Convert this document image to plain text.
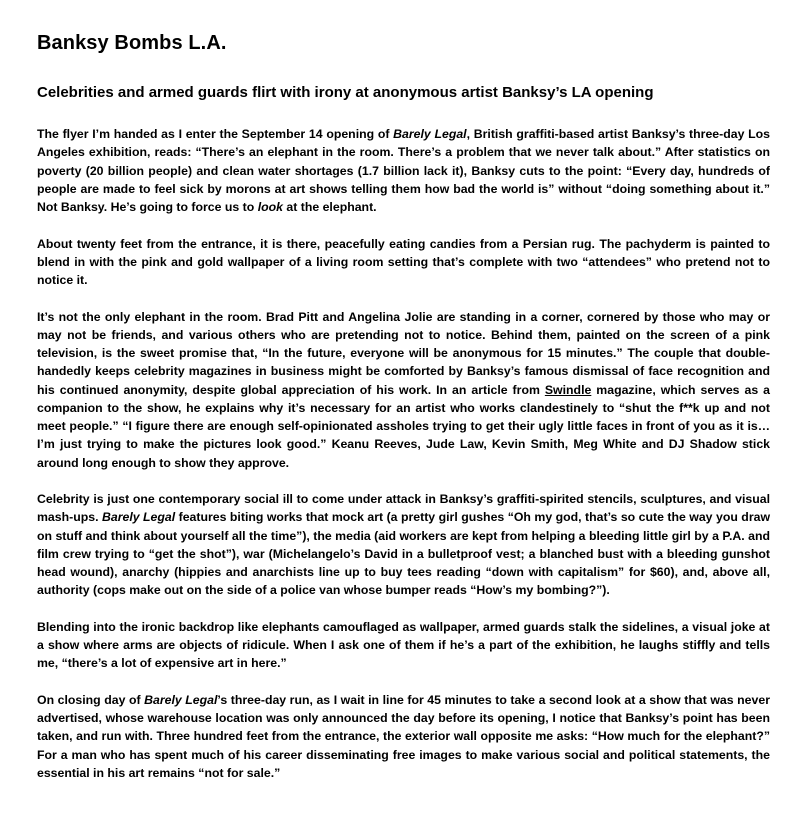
Banksy Bombs L.A.
Celebrities and armed guards flirt with irony at anonymous artist Banksy’s LA opening

The flyer I’m handed as I enter the September 14 opening of Barely Legal, British graffiti-based artist Banksy’s three-day Los Angeles exhibition, reads: “There’s an elephant in the room. There’s a problem that we never talk about.” After statistics on poverty (20 billion people) and clean water shortages (1.7 billion lack it), Banksy cuts to the point: “Every day, hundreds of people are made to feel sick by morons at art shows telling them how bad the world is” without “doing something about it.” Not Banksy. He’s going to force us to look at the elephant.

About twenty feet from the entrance, it is there, peacefully eating candies from a Persian rug. The pachyderm is painted to blend in with the pink and gold wallpaper of a living room setting that’s complete with two “attendees” who pretend not to notice it.

It’s not the only elephant in the room. Brad Pitt and Angelina Jolie are standing in a corner, cornered by those who may or may not be friends, and various others who are pretending not to notice. Behind them, painted on the screen of a pink television, is the sweet promise that, “In the future, everyone will be anonymous for 15 minutes.” The couple that double-handedly keeps celebrity magazines in business might be comforted by Banksy’s famous dismissal of face recognition and his continued anonymity, despite global appreciation of his work. In an article from Swindle magazine, which serves as a companion to the show, he explains why it’s necessary for an artist who works clandestinely to “shut the f**k up and not meet people.” “I figure there are enough self-opinionated assholes trying to get their ugly little faces in front of you as it is… I’m just trying to make the pictures look good.” Keanu Reeves, Jude Law, Kevin Smith, Meg White and DJ Shadow stick around long enough to show they approve.

Celebrity is just one contemporary social ill to come under attack in Banksy’s graffiti-spirited stencils, sculptures, and visual mash-ups. Barely Legal features biting works that mock art (a pretty girl gushes “Oh my god, that’s so cute the way you draw on stuff and think about yourself all the time”), the media (aid workers are kept from helping a bleeding little girl by a P.A. and film crew trying to “get the shot”), war (Michelangelo’s David in a bulletproof vest; a blanched bust with a bleeding gunshot head wound), anarchy (hippies and anarchists line up to buy tees reading “down with capitalism” for $60), and, above all, authority (cops make out on the side of a police van whose bumper reads “How’s my bombing?”).

Blending into the ironic backdrop like elephants camouflaged as wallpaper, armed guards stalk the sidelines, a visual joke at a show where arms are objects of ridicule. When I ask one of them if he’s a part of the exhibition, he laughs stiffly and tells me, “there’s a lot of expensive art in here.”

On closing day of Barely Legal’s three-day run, as I wait in line for 45 minutes to take a second look at a show that was never advertised, whose warehouse location was only announced the day before its opening, I notice that Banksy’s point has been taken, and run with. Three hundred feet from the entrance, the exterior wall opposite me asks: “How much for the elephant?” For a man who has spent much of his career disseminating free images to make various social and political statements, the essential in his art remains “not for sale.”
